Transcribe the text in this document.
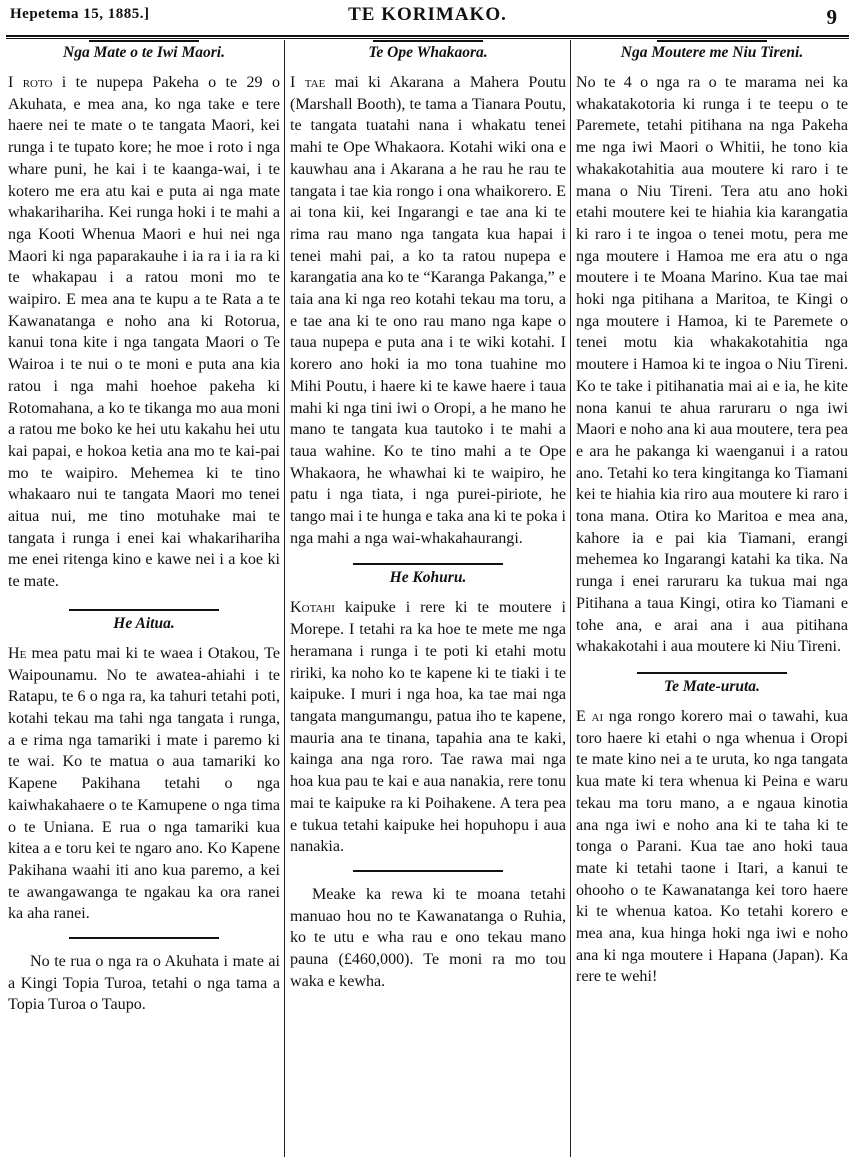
Hepetema 15, 1885.]	TE KORIMAKO.	9
Nga Mate o te Iwi Maori.

I roto i te nupepa Pakeha o te 29 o Akuhata, e mea ana, ko nga take e tere haere nei te mate o te tangata Maori, kei runga i te tupato kore; he moe i roto i nga whare puni, he kai i te kaanga-wai, i te kotero me era atu kai e puta ai nga mate whakarihariha. Kei runga hoki i te mahi a nga Kooti Whenua Maori e hui nei nga Maori ki nga paparakauhe i ia ra i ia ra ki te whakapau i a ratou moni mo te waipiro. E mea ana te kupu a te Rata a te Kawanatanga e noho ana ki Rotorua, kanui tona kite i nga tangata Maori o Te Wairoa i te nui o te moni e puta ana kia ratou i nga mahi hoehoe pakeha ki Rotomahana, a ko te tikanga mo aua moni a ratou me boko ke hei utu kakahu hei utu kai papai, e hokoa ketia ana mo te kai-pai mo te waipiro. Mehemea ki te tino whakaaro nui te tangata Maori mo tenei aitua nui, me tino motuhake mai te tangata i runga i enei kai whakarihariha me enei ritenga kino e kawe nei i a koe ki te mate.

He Aitua.

He mea patu mai ki te waea i Otakou, Te Waipounamu. No te awatea-ahiahi i te Ratapu, te 6 o nga ra, ka tahuri tetahi poti, kotahi tekau ma tahi nga tangata i runga, a e rima nga tamariki i mate i paremo ki te wai. Ko te matua o aua tamariki ko Kapene Pakihana tetahi o nga kaiwhakahaere o te Kamupene o nga tima o te Uniana. E rua o nga tamariki kua kitea a e toru kei te ngaro ano. Ko Kapene Pakihana waahi iti ano kua paremo, a kei te awangawanga te ngakau ka ora ranei ka aha ranei.

No te rua o nga ra o Akuhata i mate ai a Kingi Topia Turoa, tetahi o nga tama a Topia Turoa o Taupo.

Te Ope Whakaora.

I tae mai ki Akarana a Mahera Poutu (Marshall Booth), te tama a Tianara Poutu, te tangata tuatahi nana i whakatu tenei mahi te Ope Whakaora. Kotahi wiki ona e kauwhau ana i Akarana a he rau he rau te tangata i tae kia rongo i ona whaikorero. E ai tona kii, kei Ingarangi e tae ana ki te rima rau mano nga tangata kua hapai i tenei mahi pai, a ko ta ratou nupepa e karangatia ana ko te “Karanga Pakanga,” e taia ana ki nga reo kotahi tekau ma toru, a e tae ana ki te ono rau mano nga kape o taua nupepa e puta ana i te wiki kotahi. I korero ano hoki ia mo tona tuahine mo Mihi Poutu, i haere ki te kawe haere i taua mahi ki nga tini iwi o Oropi, a he mano he mano te tangata kua tautoko i te mahi a taua wahine. Ko te tino mahi a te Ope Whakaora, he whawhai ki te waipiro, he patu i nga tiata, i nga purei-piriote, he tango mai i te hunga e taka ana ki te poka i nga mahi a nga wai-whakahaurangi.

He Kohuru.

Kotahi kaipuke i rere ki te moutere i Morepe. I tetahi ra ka hoe te mete me nga heramana i runga i te poti ki etahi motu ririki, ka noho ko te kapene ki te tiaki i te kaipuke. I muri i nga hoa, ka tae mai nga tangata mangumangu, patua iho te kapene, mauria ana te tinana, tapahia ana te kaki, kainga ana nga roro. Tae rawa mai nga hoa kua pau te kai e aua nanakia, rere tonu mai te kaipuke ra ki Poihakene. A tera pea e tukua tetahi kaipuke hei hopuhopu i aua nanakia.

Meake ka rewa ki te moana tetahi manuao hou no te Kawanatanga o Ruhia, ko te utu e wha rau e ono tekau mano pauna (£460,000). Te moni ra mo tou waka e kewha.

Nga Moutere me Niu Tireni.

No te 4 o nga ra o te marama nei ka whakatakotoria ki runga i te teepu o te Paremete, tetahi pitihana na nga Pakeha me nga iwi Maori o Whitii, he tono kia whakakotahitia aua moutere ki raro i te mana o Niu Tireni. Tera atu ano hoki etahi moutere kei te hiahia kia karangatia ki raro i te ingoa o tenei motu, pera me nga moutere i Hamoa me era atu o nga moutere i te Moana Marino. Kua tae mai hoki nga pitihana a Maritoa, te Kingi o nga moutere i Hamoa, ki te Paremete o tenei motu kia whakakotahitia nga moutere i Hamoa ki te ingoa o Niu Tireni. Ko te take i pitihanatia mai ai e ia, he kite nona kanui te ahua raruraru o nga iwi Maori e noho ana ki aua moutere, tera pea e ara he pakanga ki waenganui i a ratou ano. Tetahi ko tera kingitanga ko Tiamani kei te hiahia kia riro aua moutere ki raro i tona mana. Otira ko Maritoa e mea ana, kahore ia e pai kia Tiamani, erangi mehemea ko Ingarangi katahi ka tika. Na runga i enei raruraru ka tukua mai nga Pitihana a taua Kingi, otira ko Tiamani e tohe ana, e arai ana i aua pitihana whakakotahi i aua moutere ki Niu Tireni.

Te Mate-uruta.

E ai nga rongo korero mai o tawahi, kua toro haere ki etahi o nga whenua i Oropi te mate kino nei a te uruta, ko nga tangata kua mate ki tera whenua ki Peina e waru tekau ma toru mano, a e ngaua kinotia ana nga iwi e noho ana ki te taha ki te tonga o Parani. Kua tae ano hoki taua mate ki tetahi taone i Itari, a kanui te ohooho o te Kawanatanga kei toro haere ki te whenua katoa. Ko tetahi korero e mea ana, kua hinga hoki nga iwi e noho ana ki nga moutere i Hapana (Japan). Ka rere te wehi!
